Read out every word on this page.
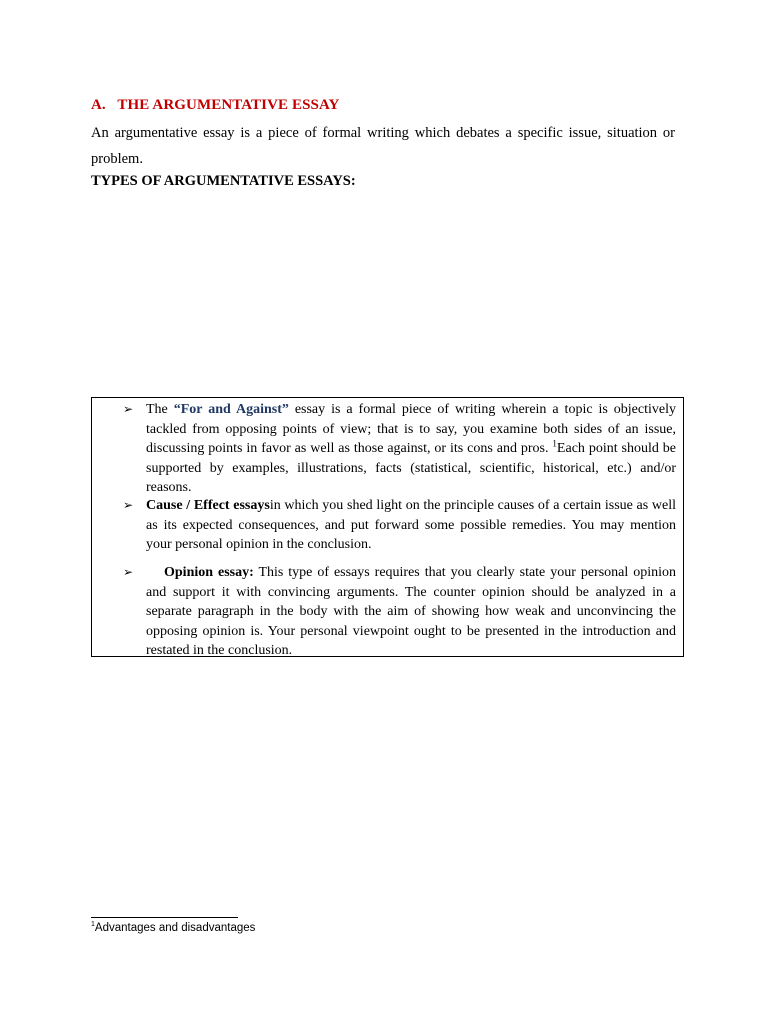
A. THE ARGUMENTATIVE ESSAY
An argumentative essay is a piece of formal writing which debates a specific issue, situation or problem.
TYPES OF ARGUMENTATIVE ESSAYS:
➢ The “For and Against” essay is a formal piece of writing wherein a topic is objectively tackled from opposing points of view; that is to say, you examine both sides of an issue, discussing points in favor as well as those against, or its cons and pros. $^1$Each point should be supported by examples, illustrations, facts (statistical, scientific, historical, etc.) and/or reasons.
➢ Cause / Effect essaysin which you shed light on the principle causes of a certain issue as well as its expected consequences, and put forward some possible remedies. You may mention your personal opinion in the conclusion.
➢	Opinion essay: This type of essays requires that you clearly state your personal opinion and support it with convincing arguments. The counter opinion should be analyzed in a separate paragraph in the body with the aim of showing how weak and unconvincing the opposing opinion is. Your personal viewpoint ought to be presented in the introduction and restated in the conclusion.
$^1$Advantages and disadvantages
